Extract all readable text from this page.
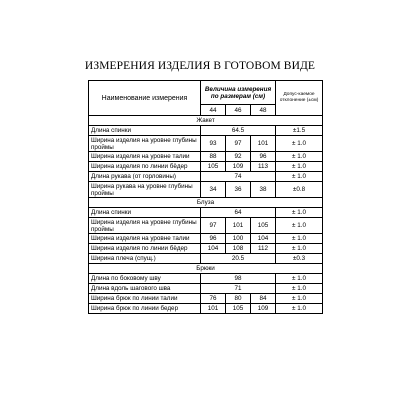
ИЗМЕРЕНИЯ ИЗДЕЛИЯ В ГОТОВОМ ВИДЕ
Наименование измерения	Величина измерения по размерам (см)			Допус-каемое отклонение (±см)
	44	46	48	
Жакет				
Длина спинки	64.5			±1.5
Ширина изделия на уровне глубины проймы	93	97	101	± 1.0
Ширина изделия на уровне талии	88	92	96	± 1.0
Ширина изделия по линии бёдер	105	109	113	± 1.0
Длина рукава (от горловины)	74			± 1.0
Ширина рукава на уровне глубины проймы	34	36	38	±0.8
Блуза				
Длина спинки	64			± 1.0
Ширина изделия на уровне глубины проймы	97	101	105	± 1.0
Ширина изделия на уровне талии	96	100	104	± 1.0
Ширина изделия по линии бёдер	104	108	112	± 1.0
Ширина плеча (спущ.)	20.5			±0.3
Брюки				
Длина по боковому шву	98			± 1.0
Длина вдоль шагового шва	71			± 1.0
Ширина брюк по линии талии	76	80	84	± 1.0
Ширина брюк по линии бедер	101	105	109	± 1.0
